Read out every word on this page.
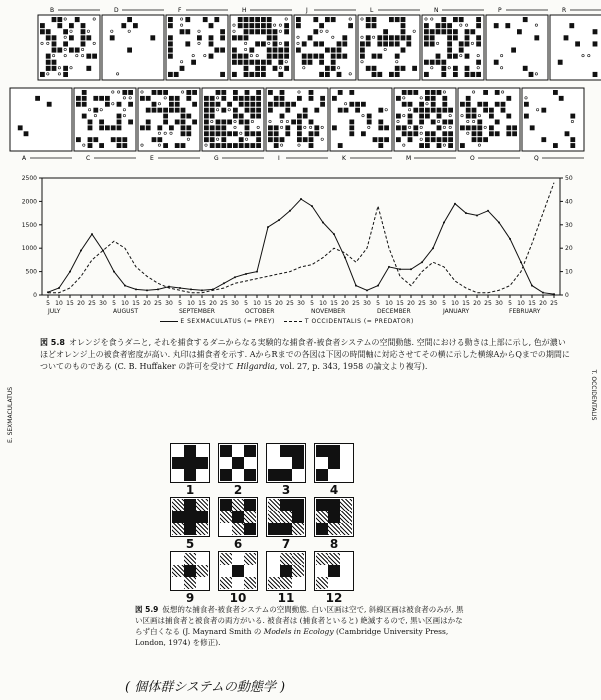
B	D	F	H	J	L	N	P	R
A	C	E	G	I	K	M	O	Q
0
500
1000
1500
2000
2500
0
10
20
30
40
50
5 10 15 20 25 30 5 10 15 20 25 30 5 10 15 20 25 30 5 10 15 20 25 30 5 10 15 20 25 30 5 10 15 20 25 30 5 10 15 20 25 30 5 10 15 20 25
JULY	AUGUST	SEPTEMBER	OCTOBER	NOVEMBER	DECEMBER	JANUARY	FEBRUARY
E. SEXMACULATUS	T. OCCIDENTALIS
E SEXMACULATUS (= PREY)	T OCCIDENTALIS (= PREDATOR)
図 5.8 オレンジを食うダニと, それを捕食するダニからなる実験的な捕食者-被食者システムの空間動態. 空間における動きは上部に示し, 色が濃いほどオレンジ上の被食者密度が高い. 丸印は捕食者を示す. AからRまでの各図は下図の時間軸に対応させてその横に示した横線AからQまでの期間についてのものである (C. B. Huffaker の許可を受けて Hilgardia, vol. 27, p. 343, 1958 の論文より複写).
1	2	3	4
5	6	7	8
9	10	11	12
図 5.9 仮想的な捕食者-被食者システムの空間動態. 白い区画は空で, 斜線区画は被食者のみが, 黒い区画は捕食者と被食者の両方がいる. 被食者は (捕食者といると) 絶滅するので, 黒い区画はかならず白くなる (J. Maynard Smith の Models in Ecology (Cambridge University Press, London, 1974) を修正).
( 個体群システムの動態学 )
